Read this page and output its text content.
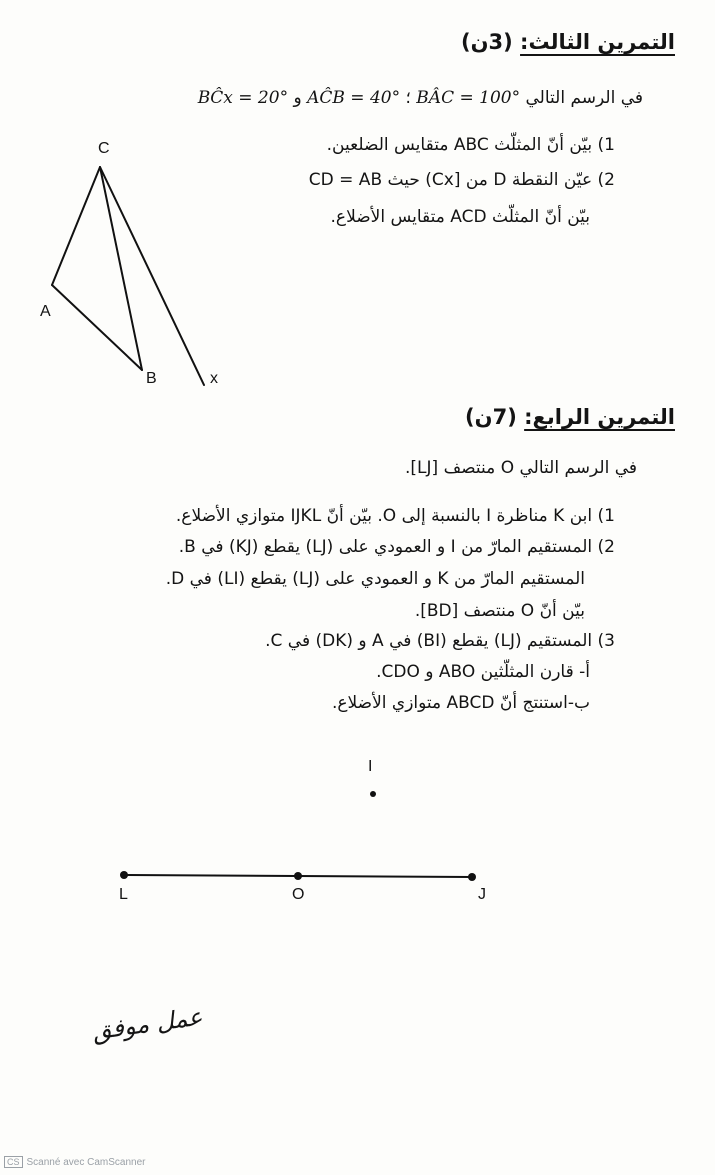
التمرين الثالث: (3ن)
في الرسم التالي BÂC = 100° ؛ AĈB = 40° و BĈx = 20°
1) بيّن أنّ المثلّث ABC متقايس الضلعين.
2) عيّن النقطة D من [Cx) حيث CD = AB
بيّن أنّ المثلّث ACD متقايس الأضلاع.
C
A
B	x
التمرين الرابع: (7ن)
في الرسم التالي O منتصف [LJ].
1) ابن K مناظرة I بالنسبة إلى O. بيّن أنّ IJKL متوازي الأضلاع.
2) المستقيم المارّ من I و العمودي على (LJ) يقطع (KJ) في B.
المستقيم المارّ من K و العمودي على (LJ) يقطع (LI) في D.
بيّن أنّ O منتصف [BD].
3) المستقيم (LJ) يقطع (BI) في A و (DK) في C.
أ- قارن المثلّثين ABO و CDO.
ب-استنتج أنّ ABCD متوازي الأضلاع.
I
L	O	J
عمل موفق
CS Scanné avec CamScanner
